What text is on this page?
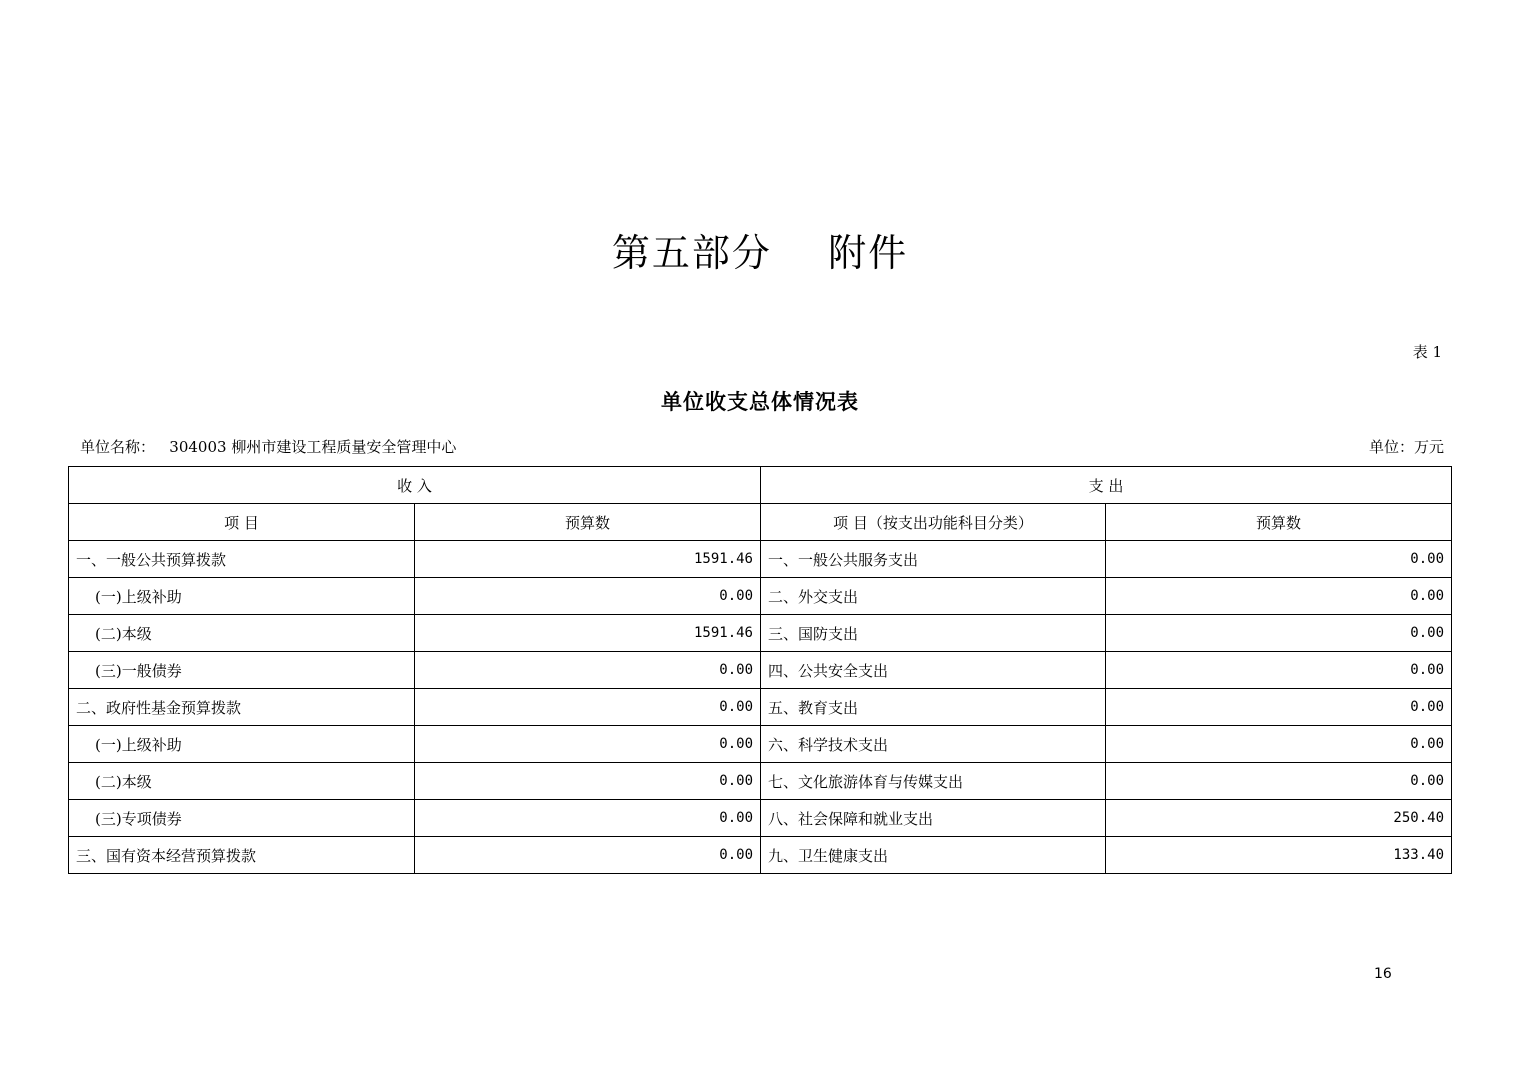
第五部分    附件
表 1
单位收支总体情况表
单位名称：   304003 柳州市建设工程质量安全管理中心	单位：万元
收 入		支 出	
项 目	预算数	项 目（按支出功能科目分类）	预算数
一、一般公共预算拨款	1591.46	一、一般公共服务支出	0.00
(一)上级补助	0.00	二、外交支出	0.00
(二)本级	1591.46	三、国防支出	0.00
(三)一般债券	0.00	四、公共安全支出	0.00
二、政府性基金预算拨款	0.00	五、教育支出	0.00
(一)上级补助	0.00	六、科学技术支出	0.00
(二)本级	0.00	七、文化旅游体育与传媒支出	0.00
(三)专项债券	0.00	八、社会保障和就业支出	250.40
三、国有资本经营预算拨款	0.00	九、卫生健康支出	133.40
16
